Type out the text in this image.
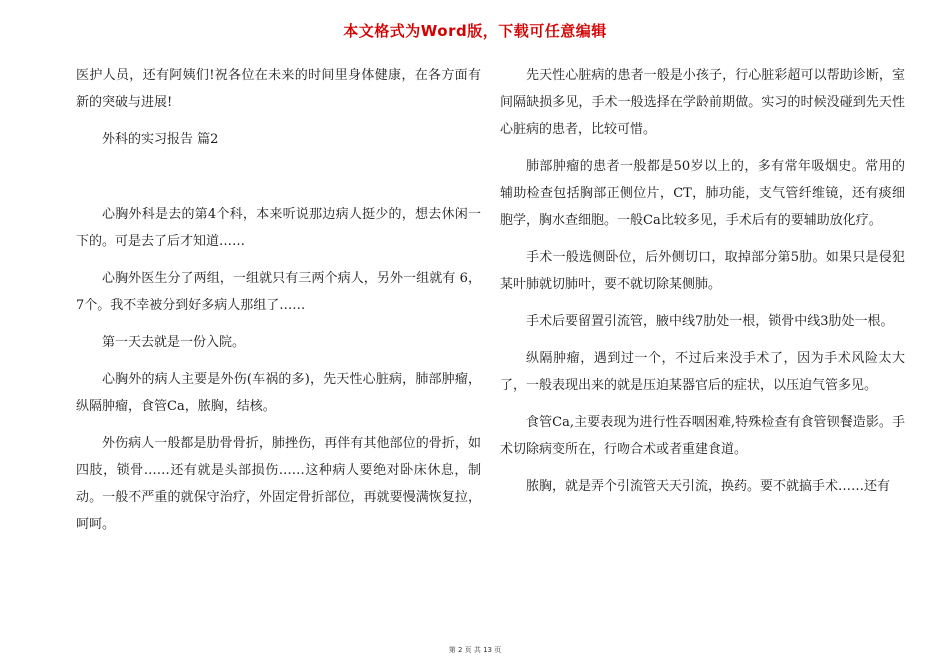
本文格式为Word版，下载可任意编辑

医护人员，还有阿姨们!祝各位在未来的时间里身体健康，在各方面有新的突破与进展!

外科的实习报告 篇2

心胸外科是去的第4个科，本来听说那边病人挺少的，想去休闲一下的。可是去了后才知道……

心胸外医生分了两组，一组就只有三两个病人，另外一组就有 6，7个。我不幸被分到好多病人那组了……

第一天去就是一份入院。

心胸外的病人主要是外伤(车祸的多)，先天性心脏病，肺部肿瘤，纵隔肿瘤，食管Ca，脓胸，结核。

外伤病人一般都是肋骨骨折，肺挫伤，再伴有其他部位的骨折，如四肢，锁骨……还有就是头部损伤……这种病人要绝对卧床休息，制动。一般不严重的就保守治疗，外固定骨折部位，再就要慢满恢复拉，呵呵。

先天性心脏病的患者一般是小孩子，行心脏彩超可以帮助诊断，室间隔缺损多见，手术一般选择在学龄前期做。实习的时候没碰到先天性心脏病的患者，比较可惜。

肺部肿瘤的患者一般都是50岁以上的，多有常年吸烟史。常用的辅助检查包括胸部正侧位片，CT，肺功能，支气管纤维镜，还有痰细胞学，胸水查细胞。一般Ca比较多见，手术后有的要辅助放化疗。

手术一般选侧卧位，后外侧切口，取掉部分第5肋。如果只是侵犯某叶肺就切肺叶，要不就切除某侧肺。

手术后要留置引流管，腋中线7肋处一根，锁骨中线3肋处一根。

纵隔肿瘤，遇到过一个，不过后来没手术了，因为手术风险太大了，一般表现出来的就是压迫某器官后的症状，以压迫气管多见。

食管Ca,主要表现为进行性吞咽困难,特殊检查有食管钡餐造影。手术切除病变所在，行吻合术或者重建食道。

脓胸，就是弄个引流管天天引流，换药。要不就搞手术……还有

第 2 页 共 13 页
